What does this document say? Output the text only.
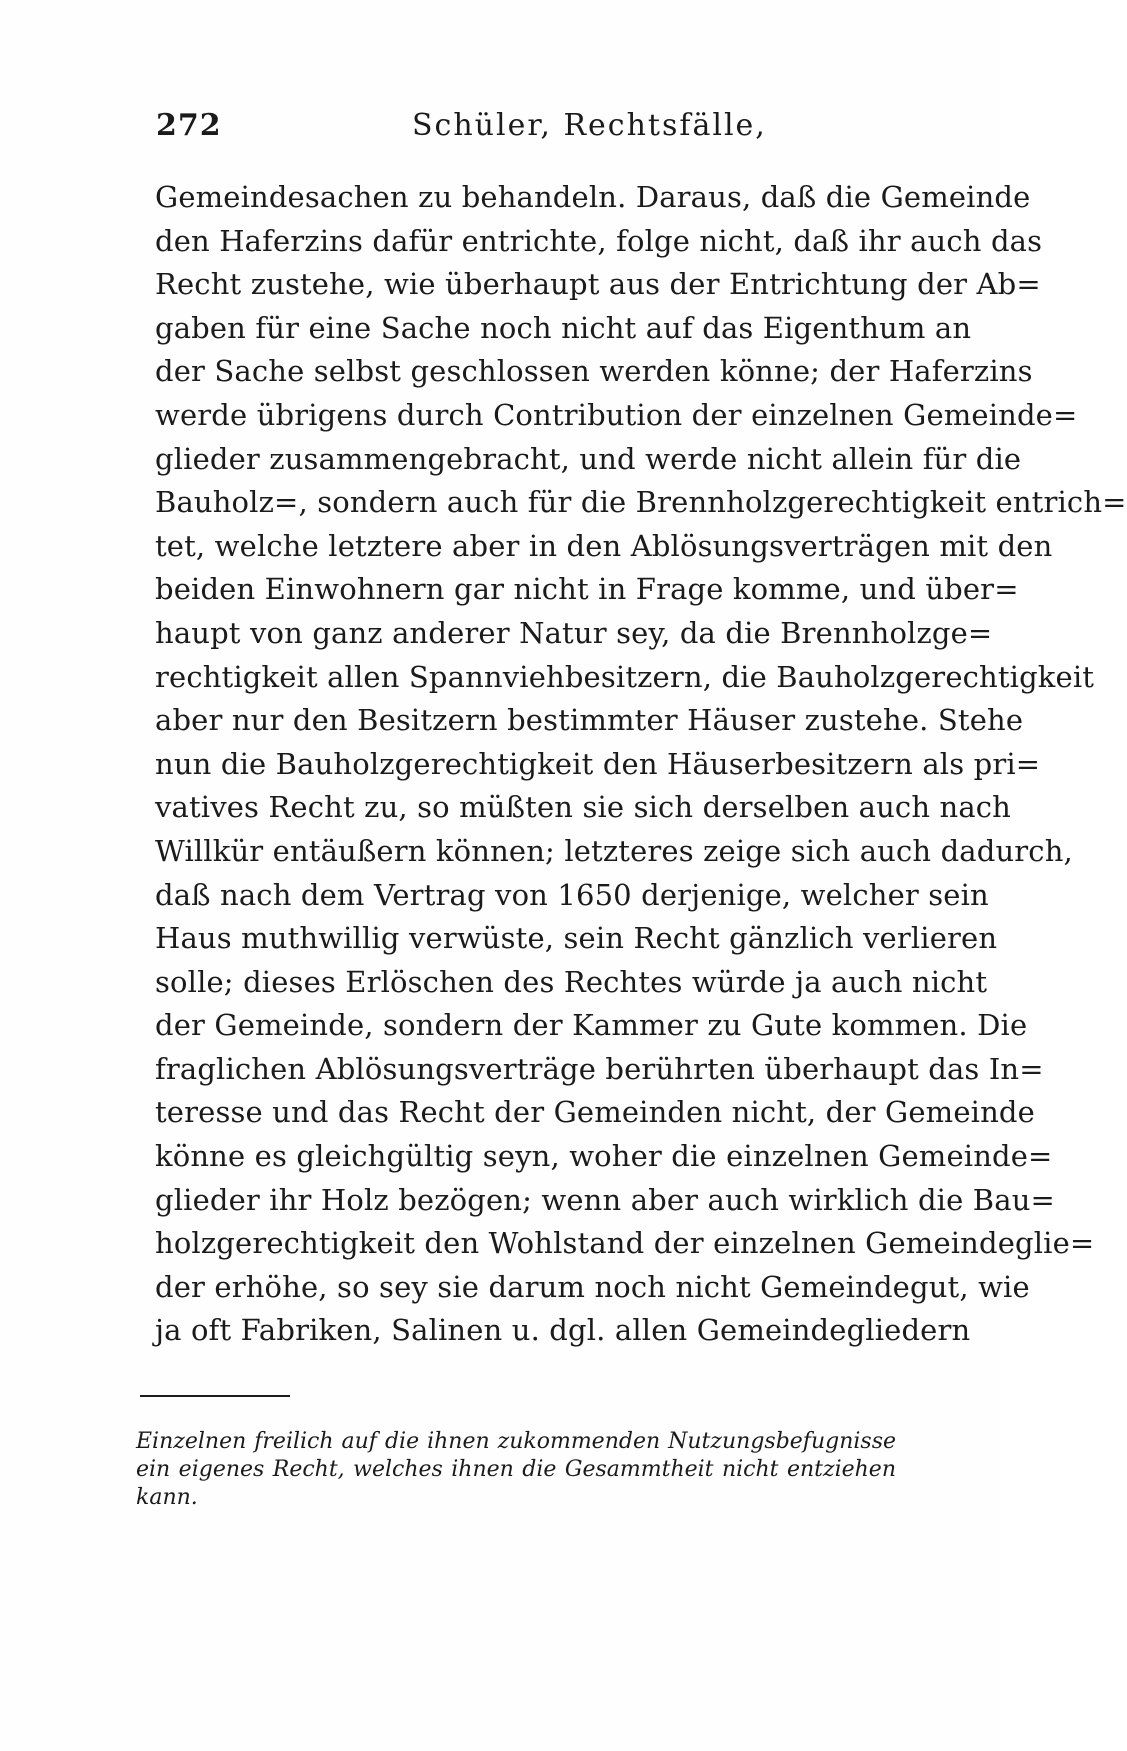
272	Schüler, Rechtsfälle,
Gemeindesachen zu behandeln. Daraus, daß die Gemeinde
den Haferzins dafür entrichte, folge nicht, daß ihr auch das
Recht zustehe, wie überhaupt aus der Entrichtung der Ab=
gaben für eine Sache noch nicht auf das Eigenthum an
der Sache selbst geschlossen werden könne; der Haferzins
werde übrigens durch Contribution der einzelnen Gemeinde=
glieder zusammengebracht, und werde nicht allein für die
Bauholz=, sondern auch für die Brennholzgerechtigkeit entrich=
tet, welche letztere aber in den Ablösungsverträgen mit den
beiden Einwohnern gar nicht in Frage komme, und über=
haupt von ganz anderer Natur sey, da die Brennholzge=
rechtigkeit allen Spannviehbesitzern, die Bauholzgerechtigkeit
aber nur den Besitzern bestimmter Häuser zustehe. Stehe
nun die Bauholzgerechtigkeit den Häuserbesitzern als pri=
vatives Recht zu, so müßten sie sich derselben auch nach
Willkür entäußern können; letzteres zeige sich auch dadurch,
daß nach dem Vertrag von 1650 derjenige, welcher sein
Haus muthwillig verwüste, sein Recht gänzlich verlieren
solle; dieses Erlöschen des Rechtes würde ja auch nicht
der Gemeinde, sondern der Kammer zu Gute kommen. Die
fraglichen Ablösungsverträge berührten überhaupt das In=
teresse und das Recht der Gemeinden nicht, der Gemeinde
könne es gleichgültig seyn, woher die einzelnen Gemeinde=
glieder ihr Holz bezögen; wenn aber auch wirklich die Bau=
holzgerechtigkeit den Wohlstand der einzelnen Gemeindeglie=
der erhöhe, so sey sie darum noch nicht Gemeindegut, wie
ja oft Fabriken, Salinen u. dgl. allen Gemeindegliedern
Einzelnen freilich auf die ihnen zukommenden Nutzungsbefugnisse
ein eigenes Recht, welches ihnen die Gesammtheit nicht entziehen
kann.
